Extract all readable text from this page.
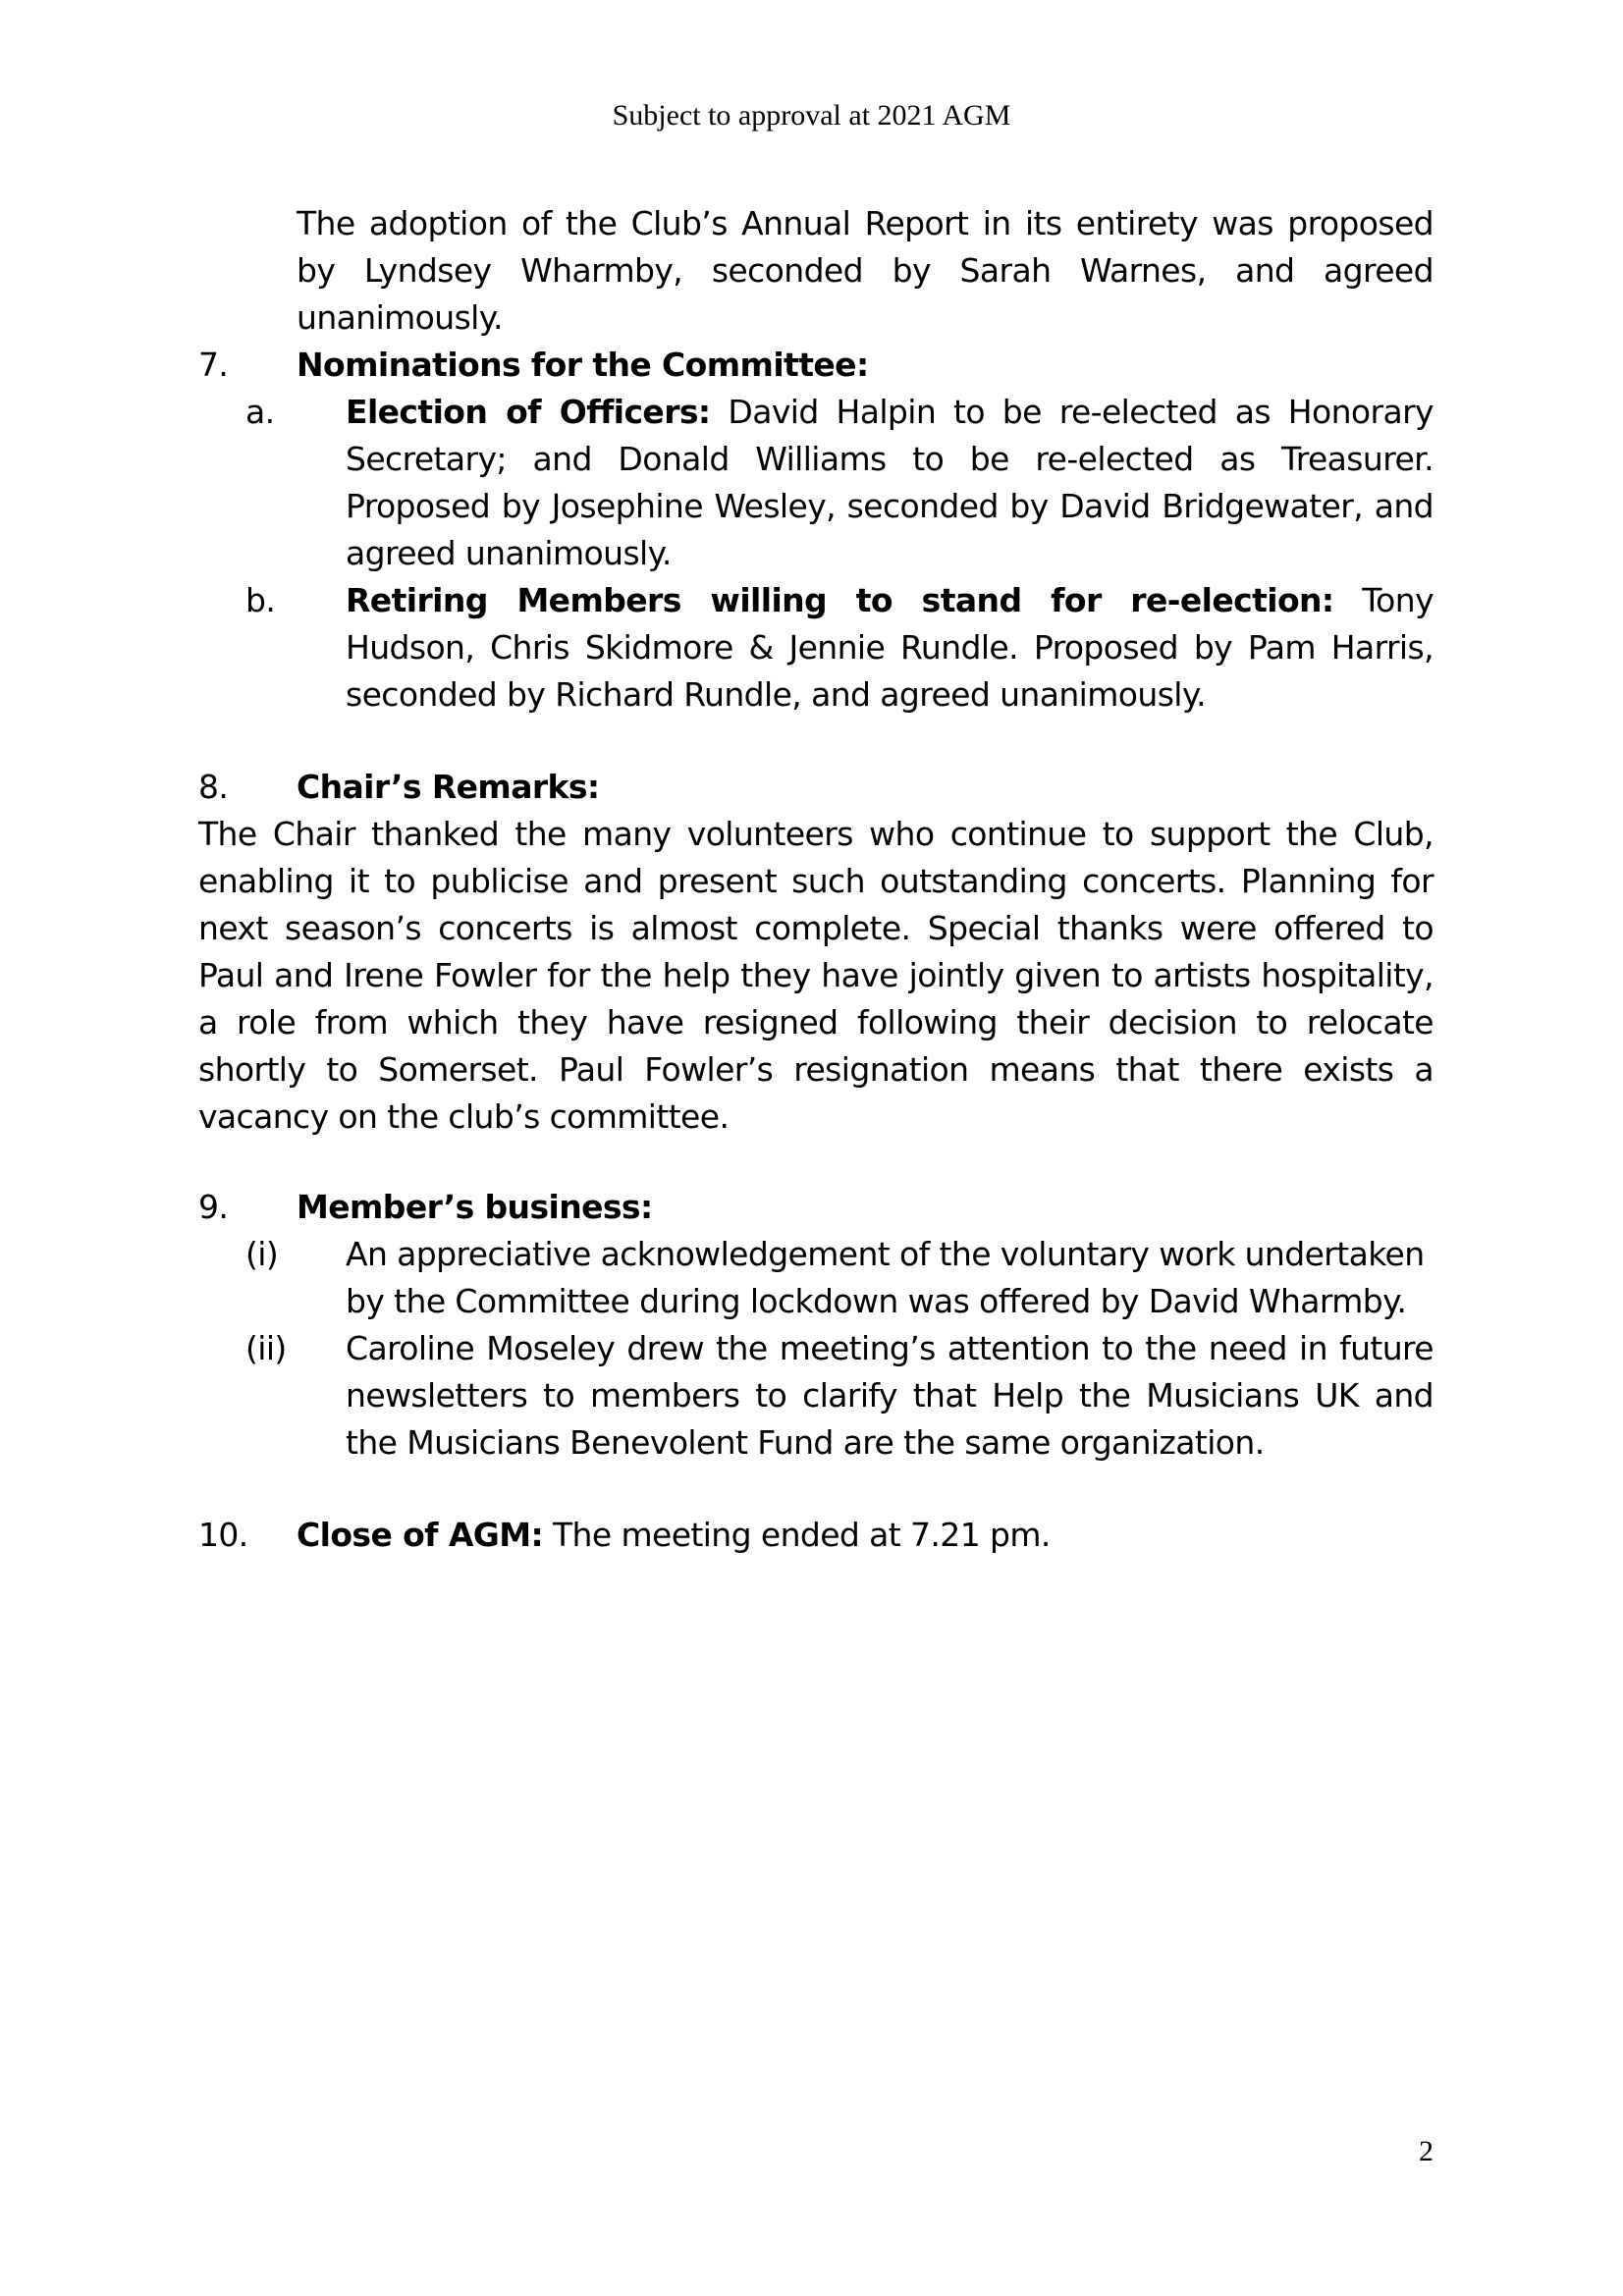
Subject to approval at 2021 AGM
The adoption of the Club’s Annual Report in its entirety was proposed by Lyndsey Wharmby, seconded by Sarah Warnes, and agreed unanimously.
7.	Nominations for the Committee:
a.	Election of Officers: David Halpin to be re-elected as Honorary Secretary; and Donald Williams to be re-elected as Treasurer. Proposed by Josephine Wesley, seconded by David Bridgewater, and agreed unanimously.
b.	Retiring Members willing to stand for re-election: Tony Hudson, Chris Skidmore & Jennie Rundle. Proposed by Pam Harris, seconded by Richard Rundle, and agreed unanimously.
8.	Chair’s Remarks:
The Chair thanked the many volunteers who continue to support the Club, enabling it to publicise and present such outstanding concerts. Planning for next season’s concerts is almost complete. Special thanks were offered to Paul and Irene Fowler for the help they have jointly given to artists hospitality, a role from which they have resigned following their decision to relocate shortly to Somerset. Paul Fowler’s resignation means that there exists a vacancy on the club’s committee.
9.	Member’s business:
(i)	An appreciative acknowledgement of the voluntary work undertaken by the Committee during lockdown was offered by David Wharmby.
(ii)	Caroline Moseley drew the meeting’s attention to the need in future newsletters to members to clarify that Help the Musicians UK and the Musicians Benevolent Fund are the same organization.
10.	Close of AGM: The meeting ended at 7.21 pm.
2
